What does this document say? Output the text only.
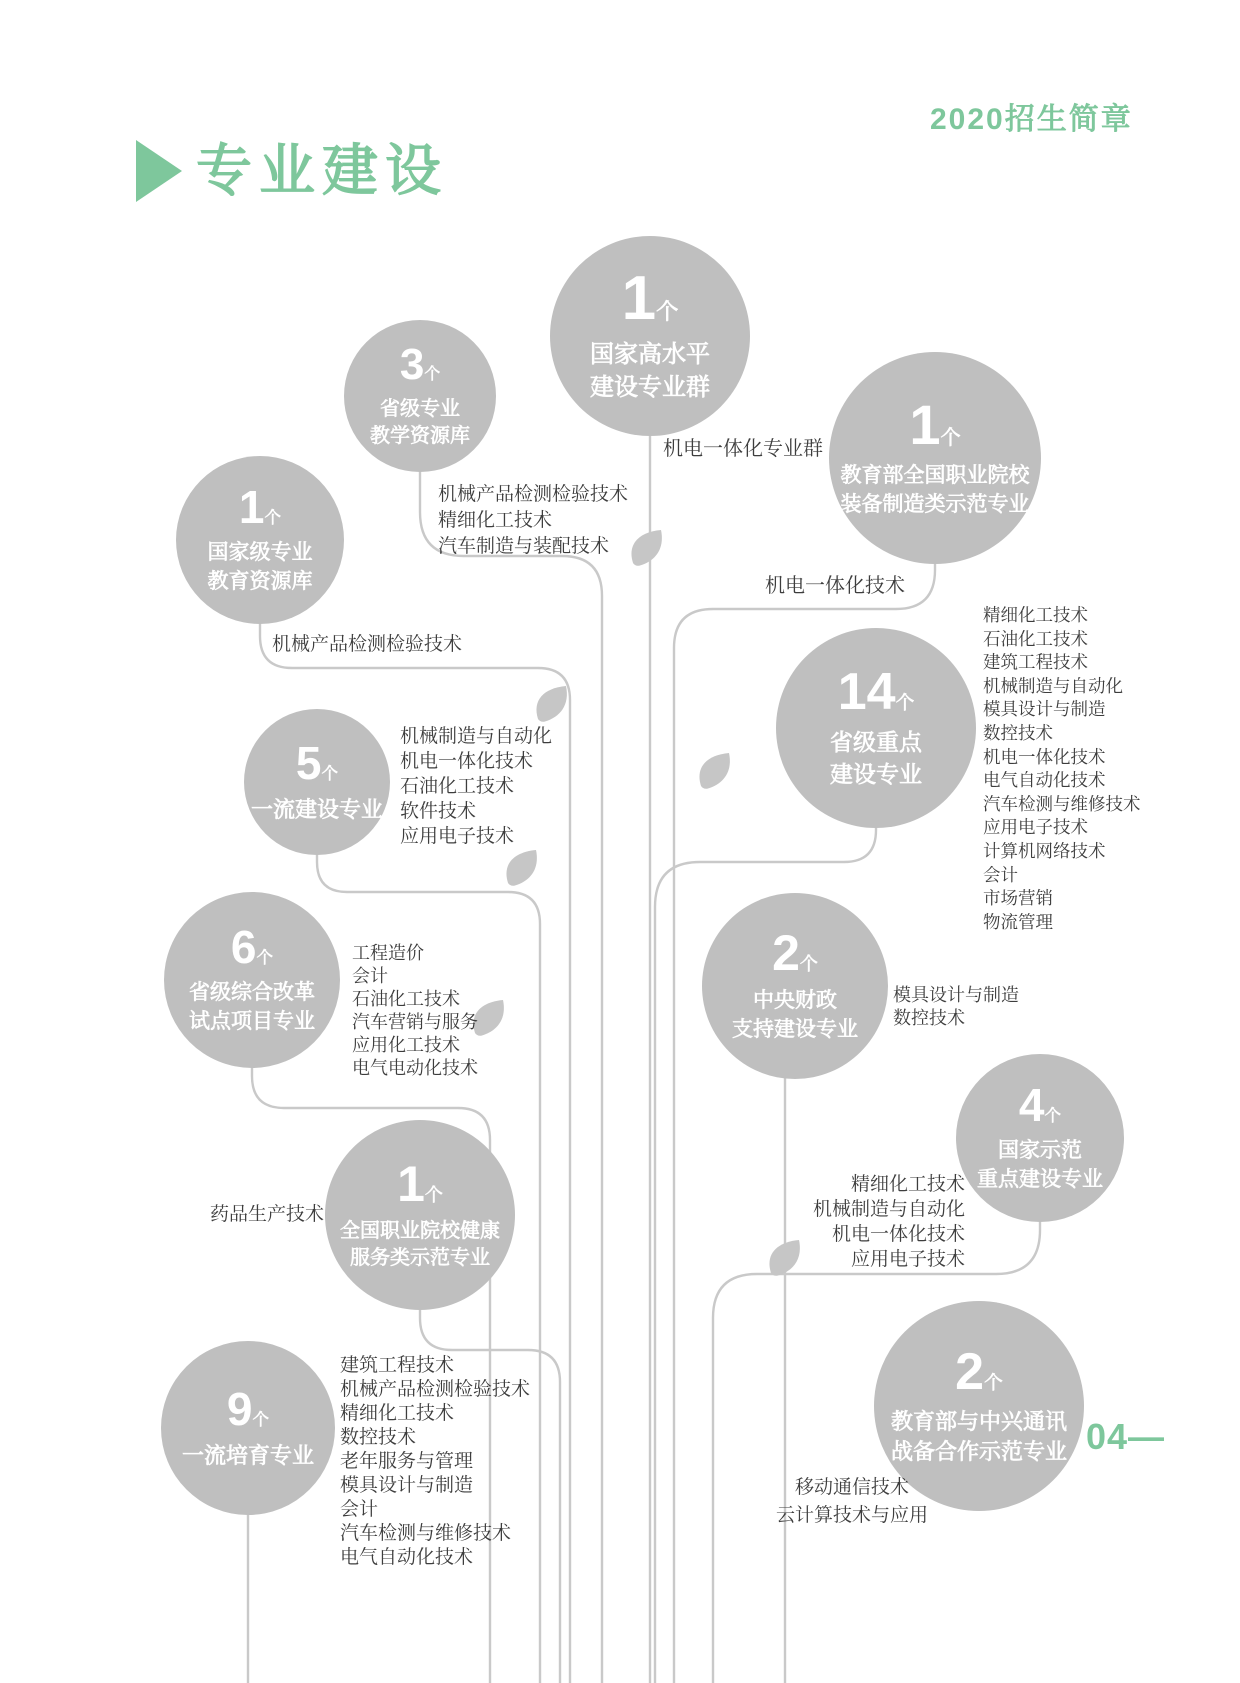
2020招生简章
专业建设
1个
国家高水平
建设专业群
3个
省级专业
教学资源库	1个
教育部全国职业院校
装备制造类示范专业
1个
国家级专业
教育资源库
14个
省级重点
建设专业
5个
一流建设专业
6个
省级综合改革
试点项目专业
2个
中央财政
支持建设专业
4个
国家示范
重点建设专业
1个
全国职业院校健康
服务类示范专业
9个
一流培育专业
2个
教育部与中兴通讯
战备合作示范专业
机电一体化专业群
机械产品检测检验技术
精细化工技术
汽车制造与装配技术
机电一体化技术
机械产品检测检验技术
精细化工技术
石油化工技术
建筑工程技术
机械制造与自动化
模具设计与制造
数控技术
机电一体化技术
电气自动化技术
汽车检测与维修技术
应用电子技术
计算机网络技术
会计
市场营销
物流管理
机械制造与自动化
机电一体化技术
石油化工技术
软件技术
应用电子技术
工程造价
会计
石油化工技术
汽车营销与服务
应用化工技术
电气电动化技术
模具设计与制造
数控技术
精细化工技术
机械制造与自动化
机电一体化技术
应用电子技术
药品生产技术
建筑工程技术
机械产品检测检验技术
精细化工技术
数控技术
老年服务与管理
模具设计与制造
会计
汽车检测与维修技术
电气自动化技术
移动通信技术
云计算技术与应用
04—
